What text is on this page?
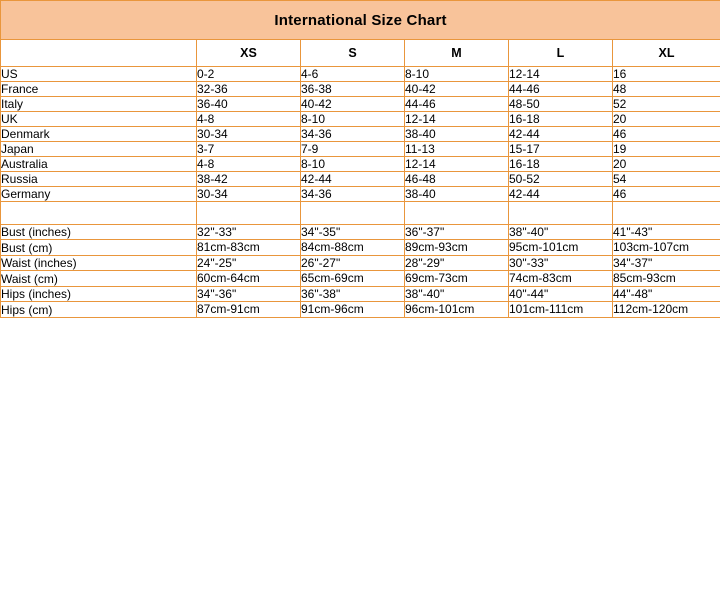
International Size Chart					
	XS	S	M	L	XL
US	0-2	4-6	8-10	12-14	16
France	32-36	36-38	40-42	44-46	48
Italy	36-40	40-42	44-46	48-50	52
UK	4-8	8-10	12-14	16-18	20
Denmark	30-34	34-36	38-40	42-44	46
Japan	3-7	7-9	11-13	15-17	19
Australia	4-8	8-10	12-14	16-18	20
Russia	38-42	42-44	46-48	50-52	54
Germany	30-34	34-36	38-40	42-44	46

Bust (inches)	32"-33"	34"-35"	36"-37"	38"-40"	41"-43"
Bust (cm)	81cm-83cm	84cm-88cm	89cm-93cm	95cm-101cm	103cm-107cm
Waist (inches)	24"-25"	26"-27"	28"-29"	30"-33"	34"-37"
Waist (cm)	60cm-64cm	65cm-69cm	69cm-73cm	74cm-83cm	85cm-93cm
Hips (inches)	34"-36"	36"-38"	38"-40"	40"-44"	44"-48"
Hips (cm)	87cm-91cm	91cm-96cm	96cm-101cm	101cm-111cm	112cm-120cm
